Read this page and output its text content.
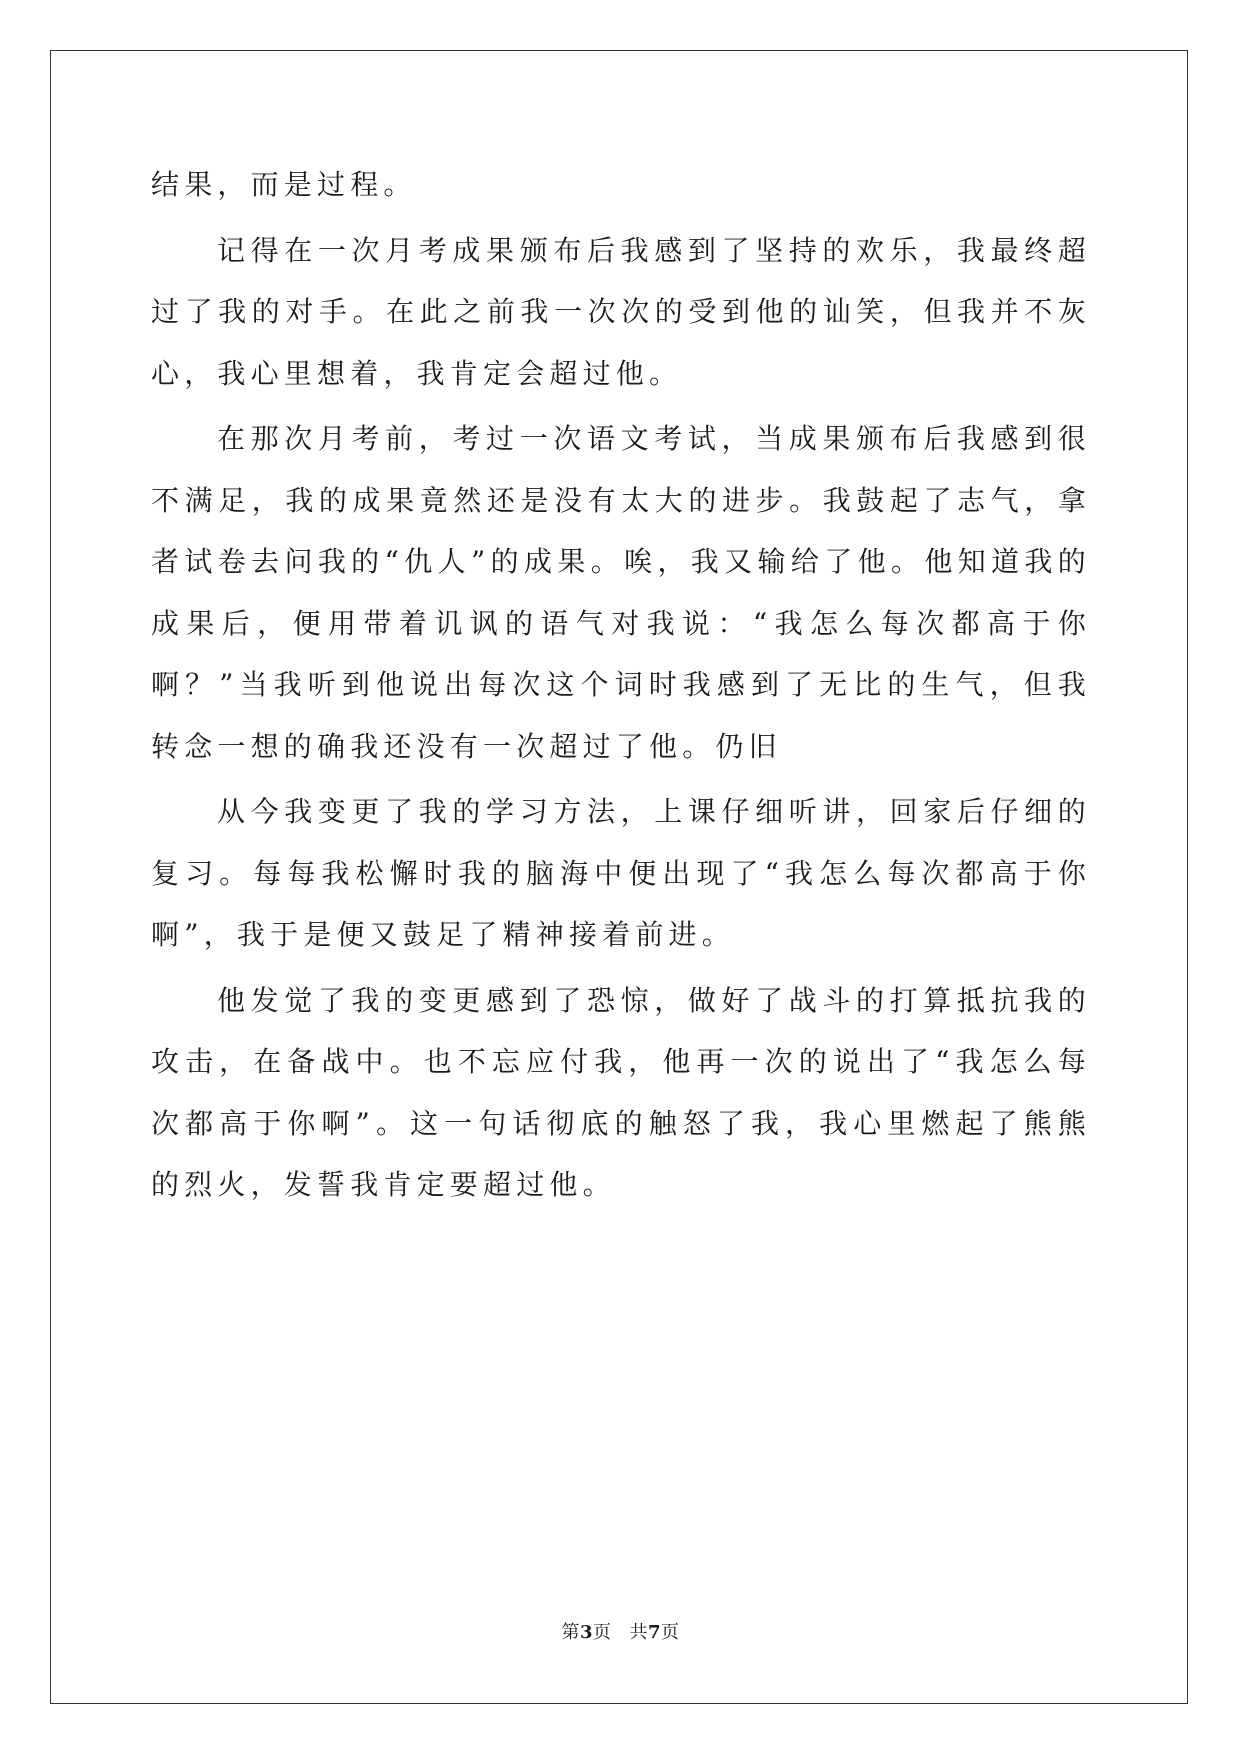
结果，而是过程。

记得在一次月考成果颁布后我感到了坚持的欢乐，我最终超过了我的对手。在此之前我一次次的受到他的讪笑，但我并不灰心，我心里想着，我肯定会超过他。

在那次月考前，考过一次语文考试，当成果颁布后我感到很不满足，我的成果竟然还是没有太大的进步。我鼓起了志气，拿者试卷去问我的“仇人”的成果。唉，我又输给了他。他知道我的成果后，便用带着讥讽的语气对我说：“我怎么每次都高于你啊？”当我听到他说出每次这个词时我感到了无比的生气，但我转念一想的确我还没有一次超过了他。仍旧

从今我变更了我的学习方法，上课仔细听讲，回家后仔细的复习。每每我松懈时我的脑海中便出现了“我怎么每次都高于你啊”，我于是便又鼓足了精神接着前进。

他发觉了我的变更感到了恐惊，做好了战斗的打算抵抗我的攻击，在备战中。也不忘应付我，他再一次的说出了“我怎么每次都高于你啊”。这一句话彻底的触怒了我，我心里燃起了熊熊的烈火，发誓我肯定要超过他。

第3页 共7页
